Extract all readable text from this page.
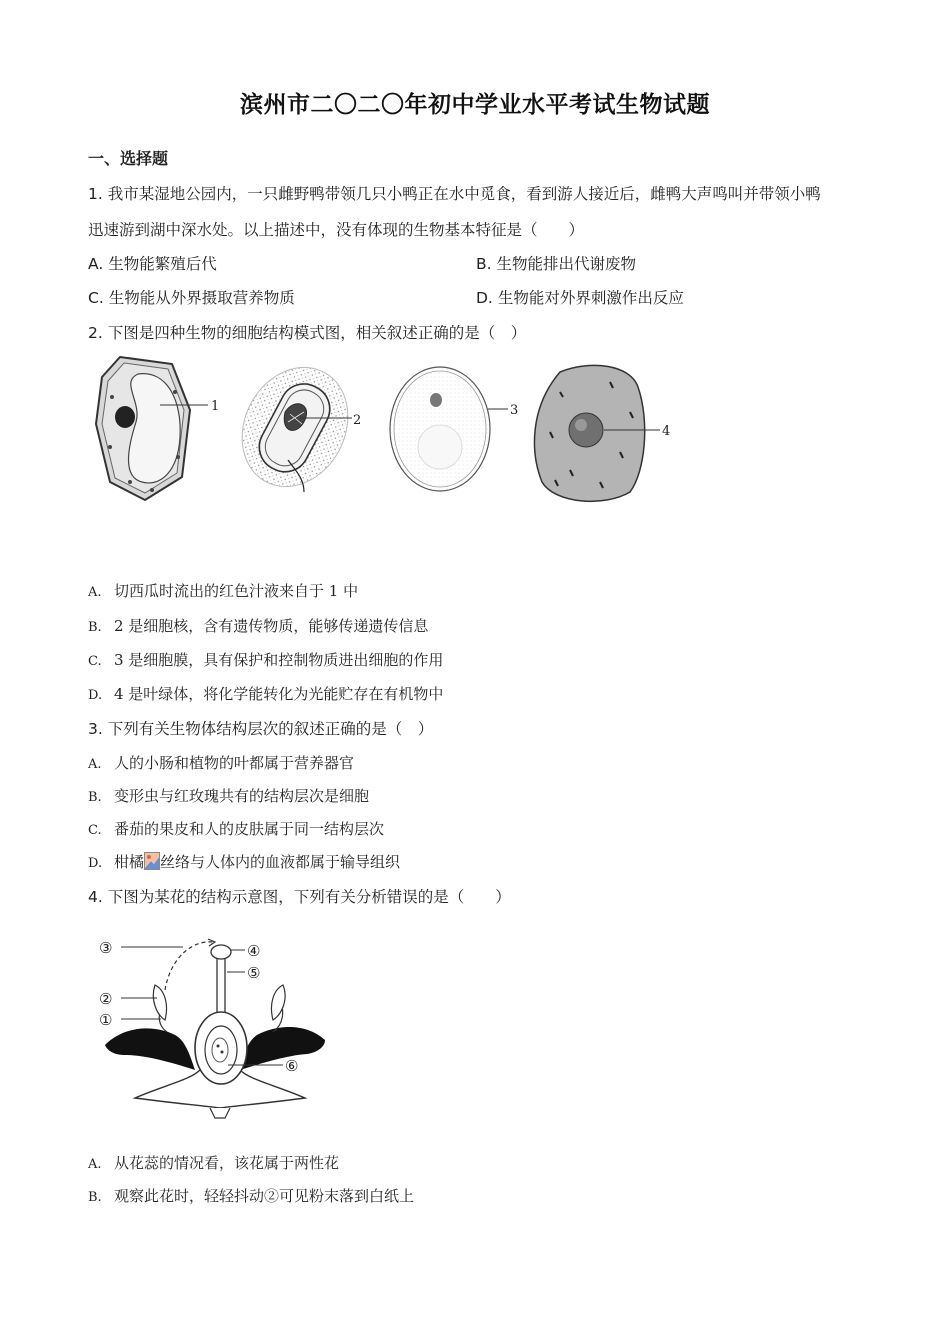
滨州市二〇二〇年初中学业水平考试生物试题
一、选择题
1. 我市某湿地公园内，一只雌野鸭带领几只小鸭正在水中觅食，看到游人接近后，雌鸭大声鸣叫并带领小鸭
迅速游到湖中深水处。以上描述中，没有体现的生物基本特征是（　　）
A. 生物能繁殖后代	B. 生物能排出代谢废物
C. 生物能从外界摄取营养物质	D. 生物能对外界刺激作出反应
2. 下图是四种生物的细胞结构模式图，相关叙述正确的是（　）
1
2
3
4
A. 切西瓜时流出的红色汁液来自于 1 中
B. 2 是细胞核，含有遗传物质，能够传递遗传信息
C. 3 是细胞膜，具有保护和控制物质进出细胞的作用
D. 4 是叶绿体，将化学能转化为光能贮存在有机物中
3. 下列有关生物体结构层次的叙述正确的是（　）
A. 人的小肠和植物的叶都属于营养器官
B. 变形虫与红玫瑰共有的结构层次是细胞
C. 番茄的果皮和人的皮肤属于同一结构层次
D. 柑橘 丝络与人体内的血液都属于输导组织
4. 下图为某花的结构示意图，下列有关分析错误的是（　　）
③	④
⑤
②
①
⑥
A. 从花蕊的情况看，该花属于两性花
B. 观察此花时，轻轻抖动②可见粉末落到白纸上
